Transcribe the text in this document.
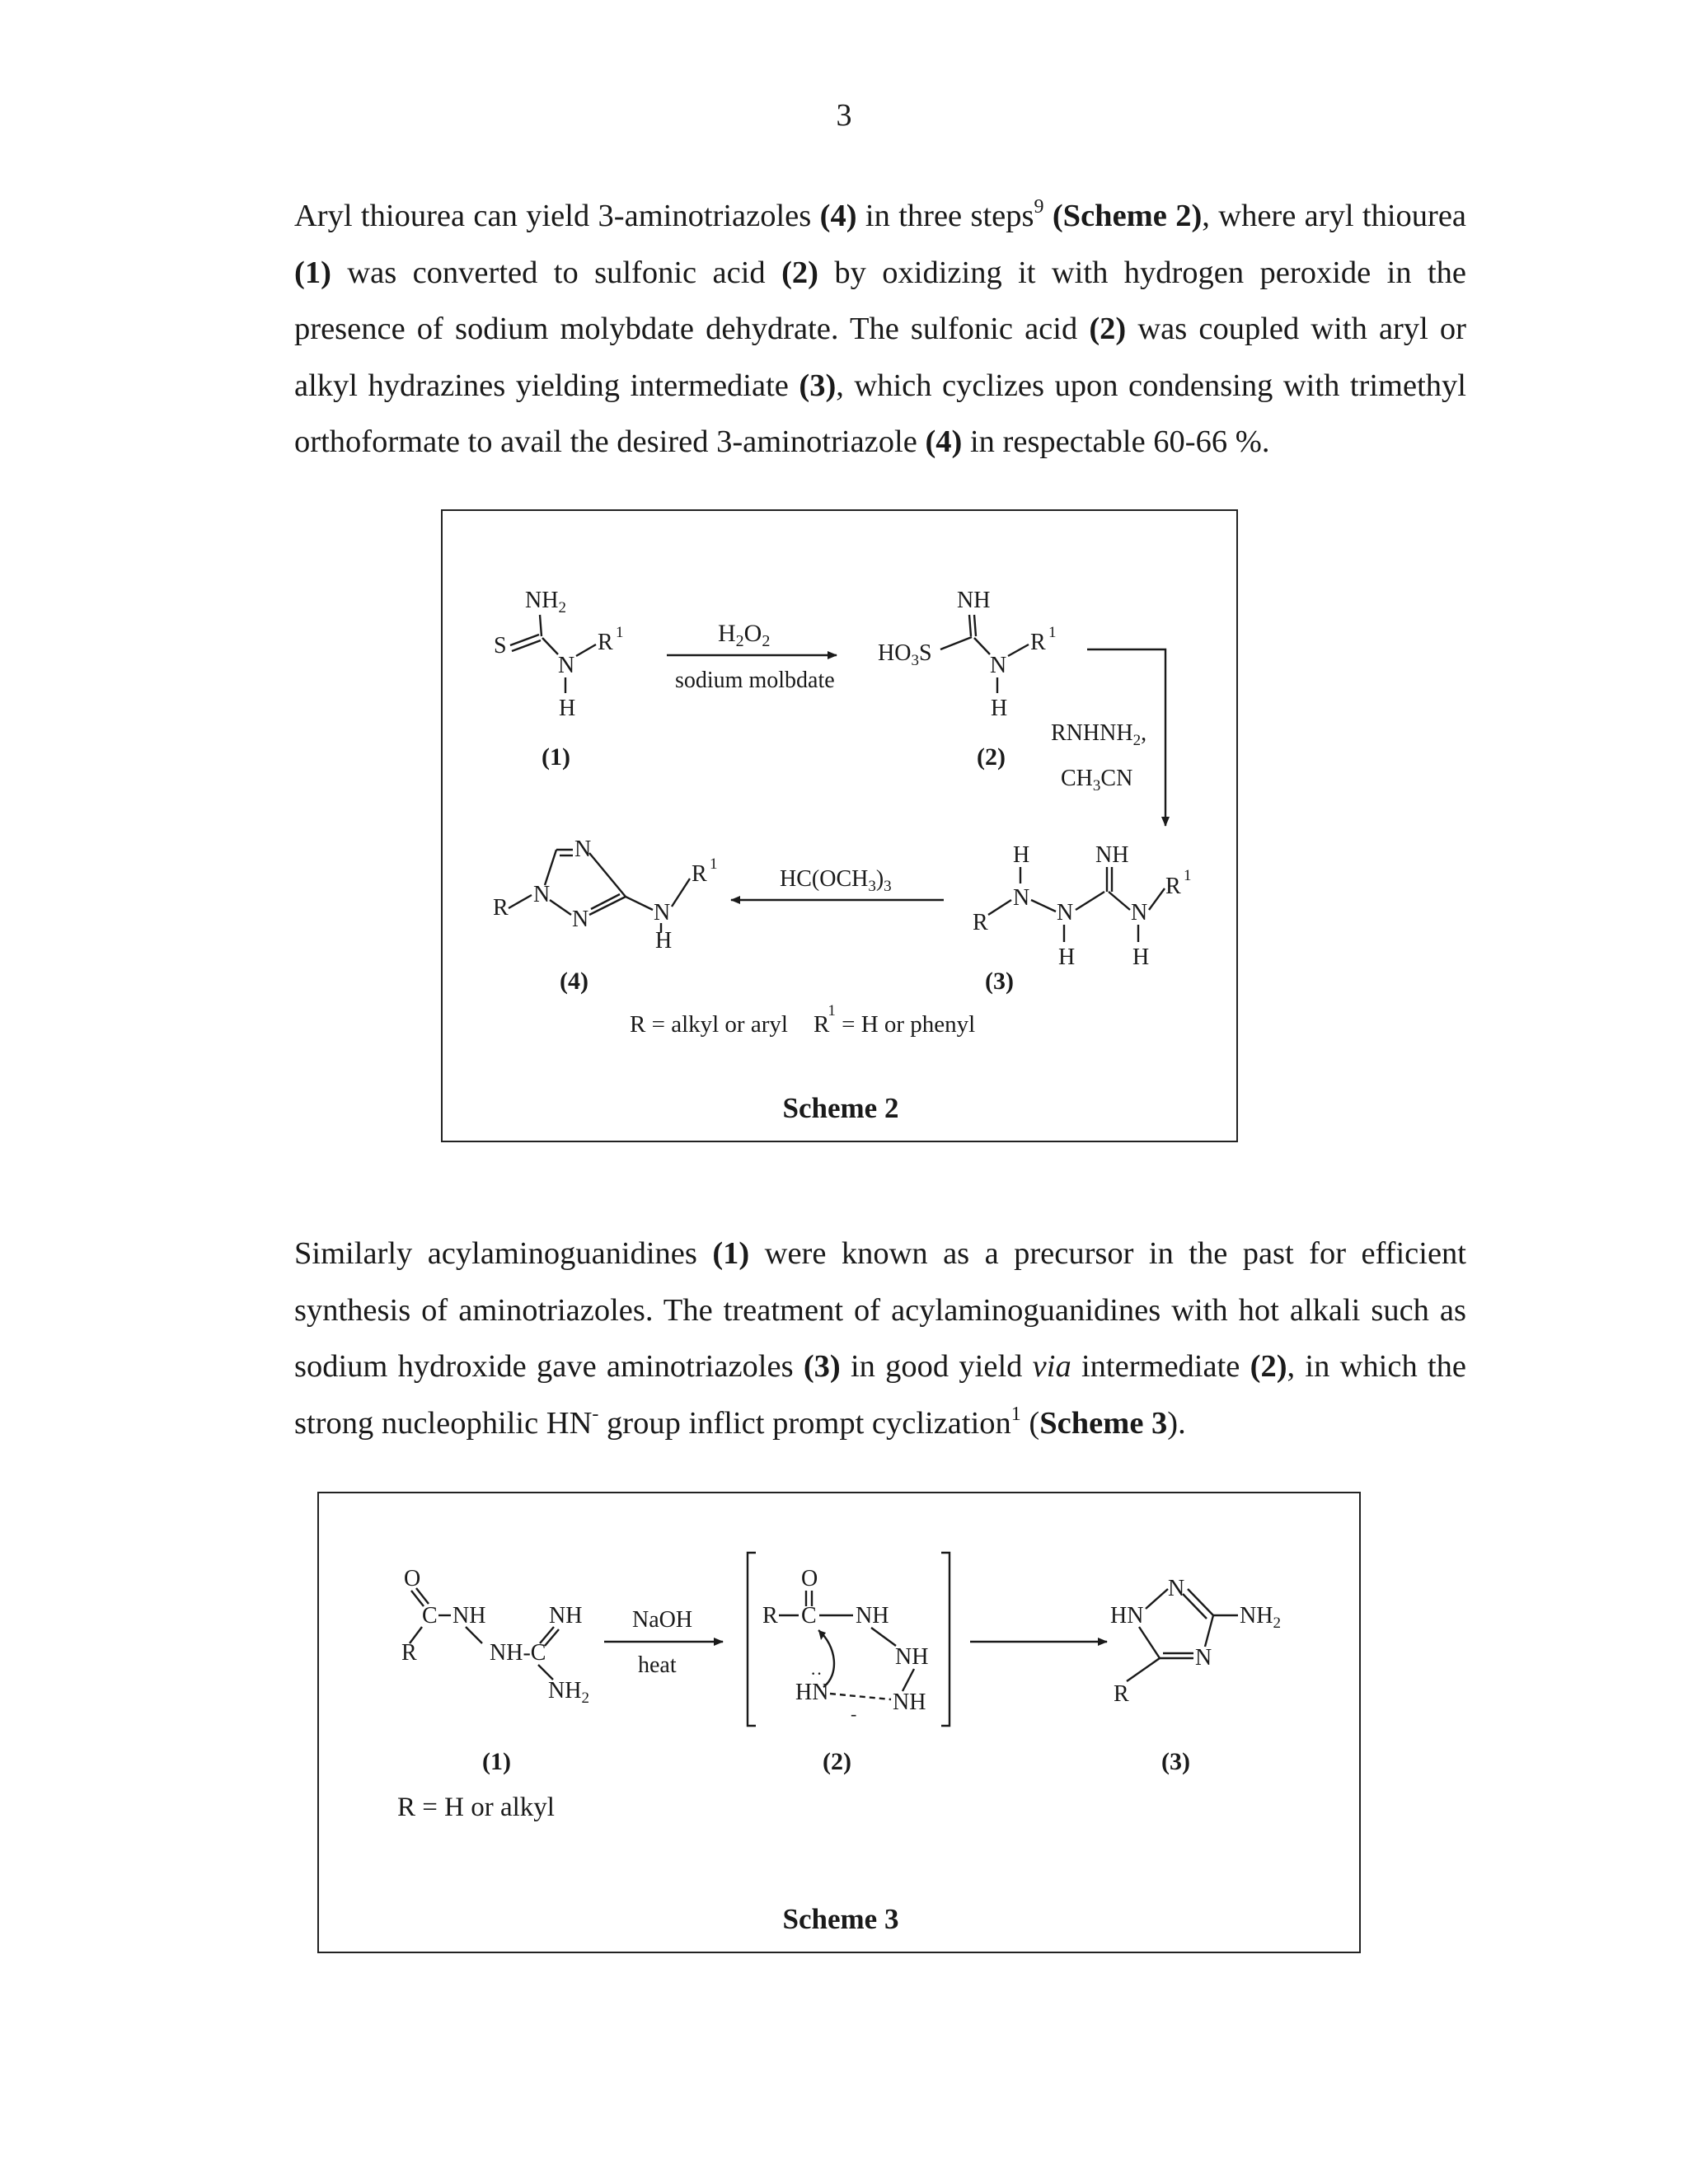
3

Aryl thiourea can yield 3-aminotriazoles (4) in three steps$^9$ (Scheme 2), where aryl thiourea (1) was converted to sulfonic acid (2) by oxidizing it with hydrogen peroxide in the presence of sodium molybdate dehydrate. The sulfonic acid (2) was coupled with aryl or alkyl hydrazines yielding intermediate (3), which cyclizes upon condensing with trimethyl orthoformate to avail the desired 3-aminotriazole (4) in respectable 60-66 %.

$NH_2$
S
N
H
R 1
(1)
$H_2O_2$
sodium molbdate
NH
$HO_3S$	N
H
R 1
(2)
$RNHNH_2$,
$CH_3CN$
H
N
R	N
H
NH
N
H
R 1
(3)
$HC(OCH_3)_3$
R
N
N
N	N
H
R 1
(4)
R = alkyl or aryl R1 = H or phenyl
Scheme 2

Similarly acylaminoguanidines (1) were known as a precursor in the past for efficient synthesis of aminotriazoles. The treatment of acylaminoguanidines with hot alkali such as sodium hydroxide gave aminotriazoles (3) in good yield via intermediate (2), in which the strong nucleophilic HN- group inflict prompt cyclization$^1$ (Scheme 3).

O
C NH	NH
R	NH-C
$NH_2$
(1)
R = H or alkyl
NaOH
heat
O
R C NH
NH
HN	NH
··
-
(2)
N
HN
N
$NH_2$
R
(3)
Scheme 3
